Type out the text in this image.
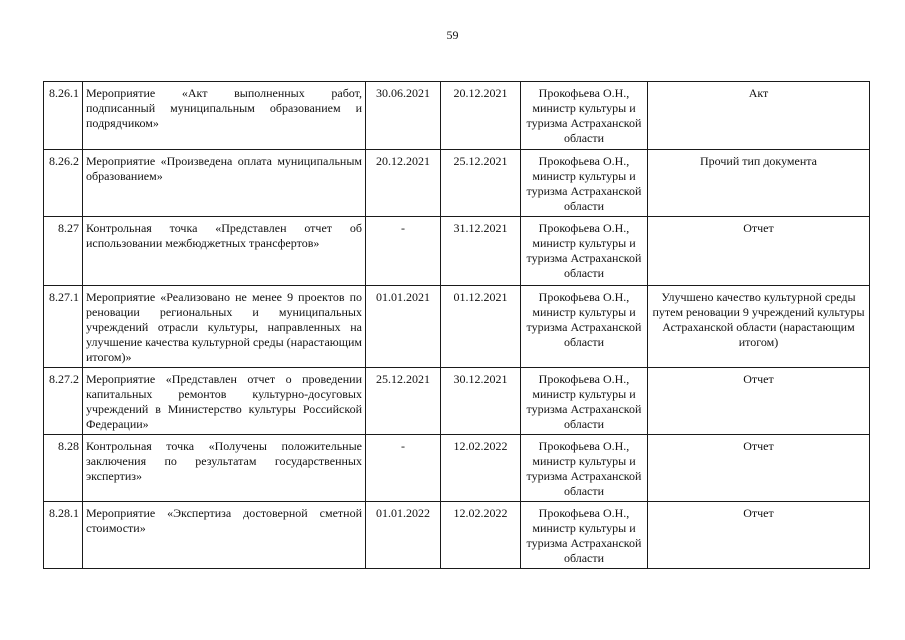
59
8.26.1	Мероприятие «Акт выполненных работ, подписанный муниципальным образованием и подрядчиком»	30.06.2021	20.12.2021	Прокофьева О.Н., министр культуры и туризма Астраханской области	Акт
8.26.2	Мероприятие «Произведена оплата муниципальным образованием»	20.12.2021	25.12.2021	Прокофьева О.Н., министр культуры и туризма Астраханской области	Прочий тип документа
8.27	Контрольная точка «Представлен отчет об использовании межбюджетных трансфертов»	-	31.12.2021	Прокофьева О.Н., министр культуры и туризма Астраханской области	Отчет
8.27.1	Мероприятие «Реализовано не менее 9 проектов по реновации региональных и муниципальных учреждений отрасли культуры, направленных на улучшение качества культурной среды (нарастающим итогом)»	01.01.2021	01.12.2021	Прокофьева О.Н., министр культуры и туризма Астраханской области	Улучшено качество культурной среды путем реновации 9 учреждений культуры Астраханской области (нарастающим итогом)
8.27.2	Мероприятие «Представлен отчет о проведении капитальных ремонтов культурно-досуговых учреждений в Министерство культуры Российской Федерации»	25.12.2021	30.12.2021	Прокофьева О.Н., министр культуры и туризма Астраханской области	Отчет
8.28	Контрольная точка «Получены положительные заключения по результатам государственных экспертиз»	-	12.02.2022	Прокофьева О.Н., министр культуры и туризма Астраханской области	Отчет
8.28.1	Мероприятие «Экспертиза достоверной сметной стоимости»	01.01.2022	12.02.2022	Прокофьева О.Н., министр культуры и туризма Астраханской области	Отчет
